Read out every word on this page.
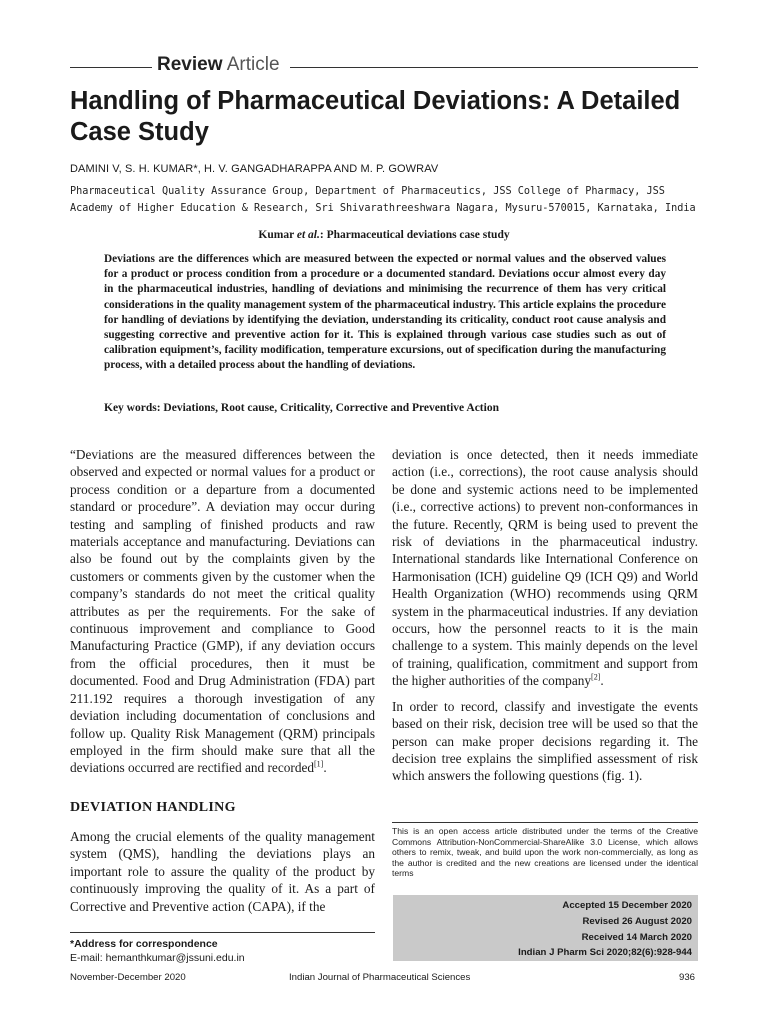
Review Article
Handling of Pharmaceutical Deviations: A Detailed Case Study
DAMINI V, S. H. KUMAR*, H. V. GANGADHARAPPA AND M. P. GOWRAV
Pharmaceutical Quality Assurance Group, Department of Pharmaceutics, JSS College of Pharmacy, JSS Academy of Higher Education & Research, Sri Shivarathreeshwara Nagara, Mysuru-570015, Karnataka, India
Kumar et al.: Pharmaceutical deviations case study

Deviations are the differences which are measured between the expected or normal values and the observed values for a product or process condition from a procedure or a documented standard. Deviations occur almost every day in the pharmaceutical industries, handling of deviations and minimising the recurrence of them has very critical considerations in the quality management system of the pharmaceutical industry. This article explains the procedure for handling of deviations by identifying the deviation, understanding its criticality, conduct root cause analysis and suggesting corrective and preventive action for it. This is explained through various case studies such as out of calibration equipment’s, facility modification, temperature excursions, out of specification during the manufacturing process, with a detailed process about the handling of deviations.

Key words: Deviations, Root cause, Criticality, Corrective and Preventive Action

“Deviations are the measured differences between the observed and expected or normal values for a product or process condition or a departure from a documented standard or procedure”. A deviation may occur during testing and sampling of finished products and raw materials acceptance and manufacturing. Deviations can also be found out by the complaints given by the customers or comments given by the customer when the company’s standards do not meet the critical quality attributes as per the requirements. For the sake of continuous improvement and compliance to Good Manufacturing Practice (GMP), if any deviation occurs from the official procedures, then it must be documented. Food and Drug Administration (FDA) part 211.192 requires a thorough investigation of any deviation including documentation of conclusions and follow up. Quality Risk Management (QRM) principals employed in the firm should make sure that all the deviations occurred are rectified and recorded[1].

DEVIATION HANDLING

Among the crucial elements of the quality management system (QMS), handling the deviations plays an important role to assure the quality of the product by continuously improving the quality of it. As a part of Corrective and Preventive action (CAPA), if the

deviation is once detected, then it needs immediate action (i.e., corrections), the root cause analysis should be done and systemic actions need to be implemented (i.e., corrective actions) to prevent non-conformances in the future. Recently, QRM is being used to prevent the risk of deviations in the pharmaceutical industry. International standards like International Conference on Harmonisation (ICH) guideline Q9 (ICH Q9) and World Health Organization (WHO) recommends using QRM system in the pharmaceutical industries. If any deviation occurs, how the personnel reacts to it is the main challenge to a system. This mainly depends on the level of training, qualification, commitment and support from the higher authorities of the company[2].

In order to record, classify and investigate the events based on their risk, decision tree will be used so that the person can make proper decisions regarding it. The decision tree explains the simplified assessment of risk which answers the following questions (fig. 1).

This is an open access article distributed under the terms of the Creative Commons Attribution-NonCommercial-ShareAlike 3.0 License, which allows others to remix, tweak, and build upon the work non-commercially, as long as the author is credited and the new creations are licensed under the identical terms

Accepted 15 December 2020
Revised 26 August 2020
Received 14 March 2020
Indian J Pharm Sci 2020;82(6):928-944
*Address for correspondence
E-mail: hemanthkumar@jssuni.edu.in
November-December 2020	Indian Journal of Pharmaceutical Sciences	936
